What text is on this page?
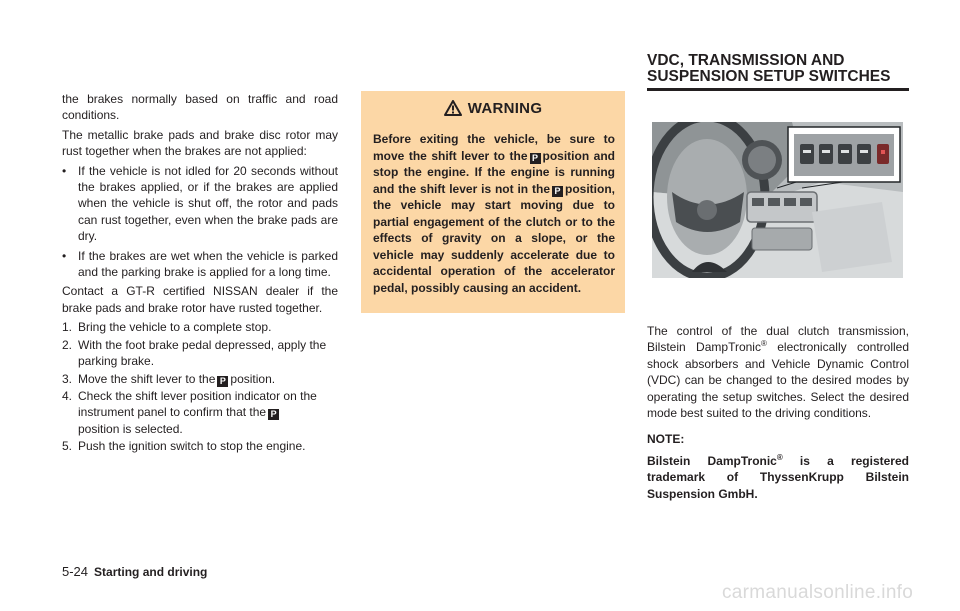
the brakes normally based on traffic and road conditions.

The metallic brake pads and brake disc rotor may rust together when the brakes are not applied:

• If the vehicle is not idled for 20 seconds without the brakes applied, or if the brakes are applied when the vehicle is shut off, the rotor and pads can rust together, even when the brake pads are dry.
• If the brakes are wet when the vehicle is parked and the parking brake is applied for a long time.

Contact a GT-R certified NISSAN dealer if the brake pads and brake rotor have rusted together.

1. Bring the vehicle to a complete stop.
2. With the foot brake pedal depressed, apply the parking brake.
3. Move the shift lever to the P position.
4. Check the shift lever position indicator on the instrument panel to confirm that the P
position is selected.
5. Push the ignition switch to stop the engine.
WARNING
Before exiting the vehicle, be sure to move the shift lever to the P position and stop the engine. If the engine is running and the shift lever is not in the P position, the vehicle may start moving due to partial engagement of the clutch or to the effects of gravity on a slope, or the vehicle may suddenly accelerate due to accidental operation of the accelerator pedal, possibly causing an accident.
VDC, TRANSMISSION AND
SUSPENSION SETUP SWITCHES

The control of the dual clutch transmission, Bilstein DampTronic® electronically controlled shock absorbers and Vehicle Dynamic Control (VDC) can be changed to the desired modes by operating the setup switches. Select the desired mode best suited to the driving conditions.

NOTE:

Bilstein DampTronic® is a registered trademark of ThyssenKrupp Bilstein Suspension GmbH.

5-24 Starting and driving
carmanualsonline.info
